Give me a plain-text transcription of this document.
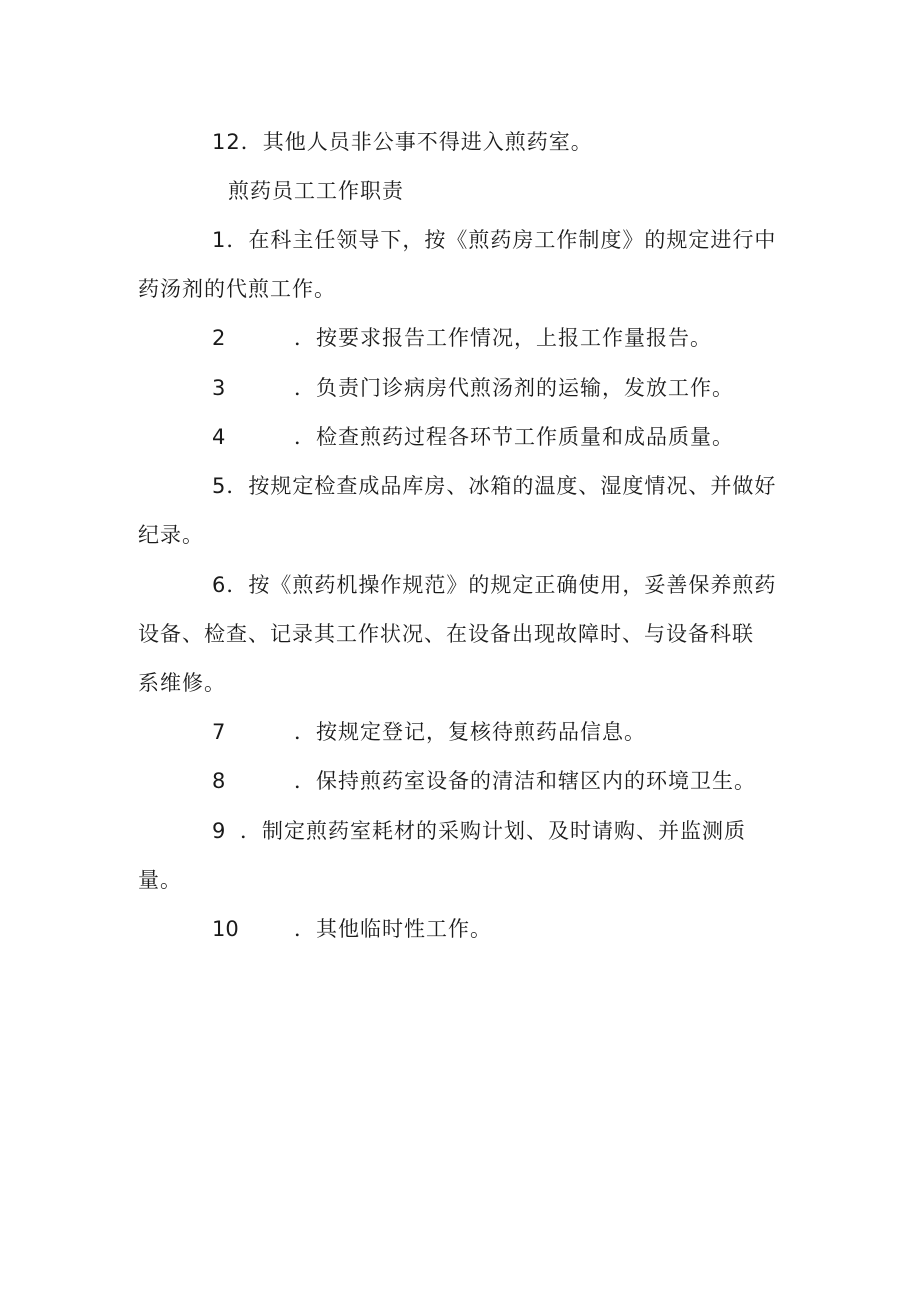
12．其他人员非公事不得进入煎药室。
煎药员工工作职责
1．在科主任领导下，按《煎药房工作制度》的规定进行中
药汤剂的代煎工作。
2	．按要求报告工作情况，上报工作量报告。
3	．负责门诊病房代煎汤剂的运输，发放工作。
4	．检查煎药过程各环节工作质量和成品质量。
5．按规定检查成品库房、冰箱的温度、湿度情况、并做好
纪录。
6．按《煎药机操作规范》的规定正确使用，妥善保养煎药
设备、检查、记录其工作状况、在设备出现故障时、与设备科联
系维修。
7	．按规定登记，复核待煎药品信息。
8	．保持煎药室设备的清洁和辖区内的环境卫生。
9 ．制定煎药室耗材的采购计划、及时请购、并监测质
量。
10	．其他临时性工作。
